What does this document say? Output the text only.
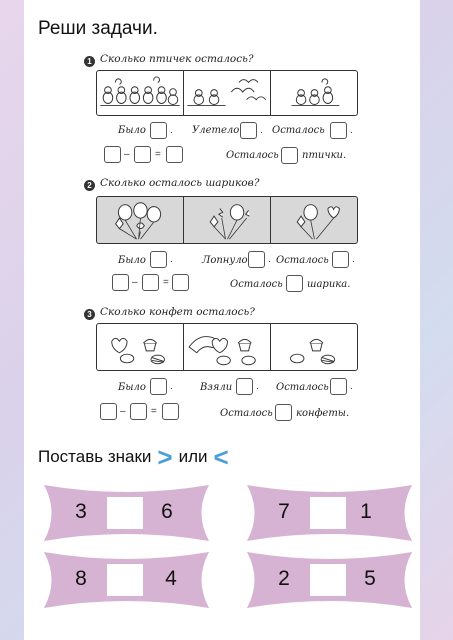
Реши задачи.
1 Сколько птичек осталось?
Было . Улетело . Осталось	.
–	=	Осталось птички.
2 Сколько осталось шариков?
Было .	Лопнуло . Осталось .
–	=	Осталось шарика.
3 Сколько конфет осталось?
Было .	Взяли . Осталось .
–	=	Осталось конфеты.
Поставь знаки > или <
3	6	7	1
8	4	2	5
